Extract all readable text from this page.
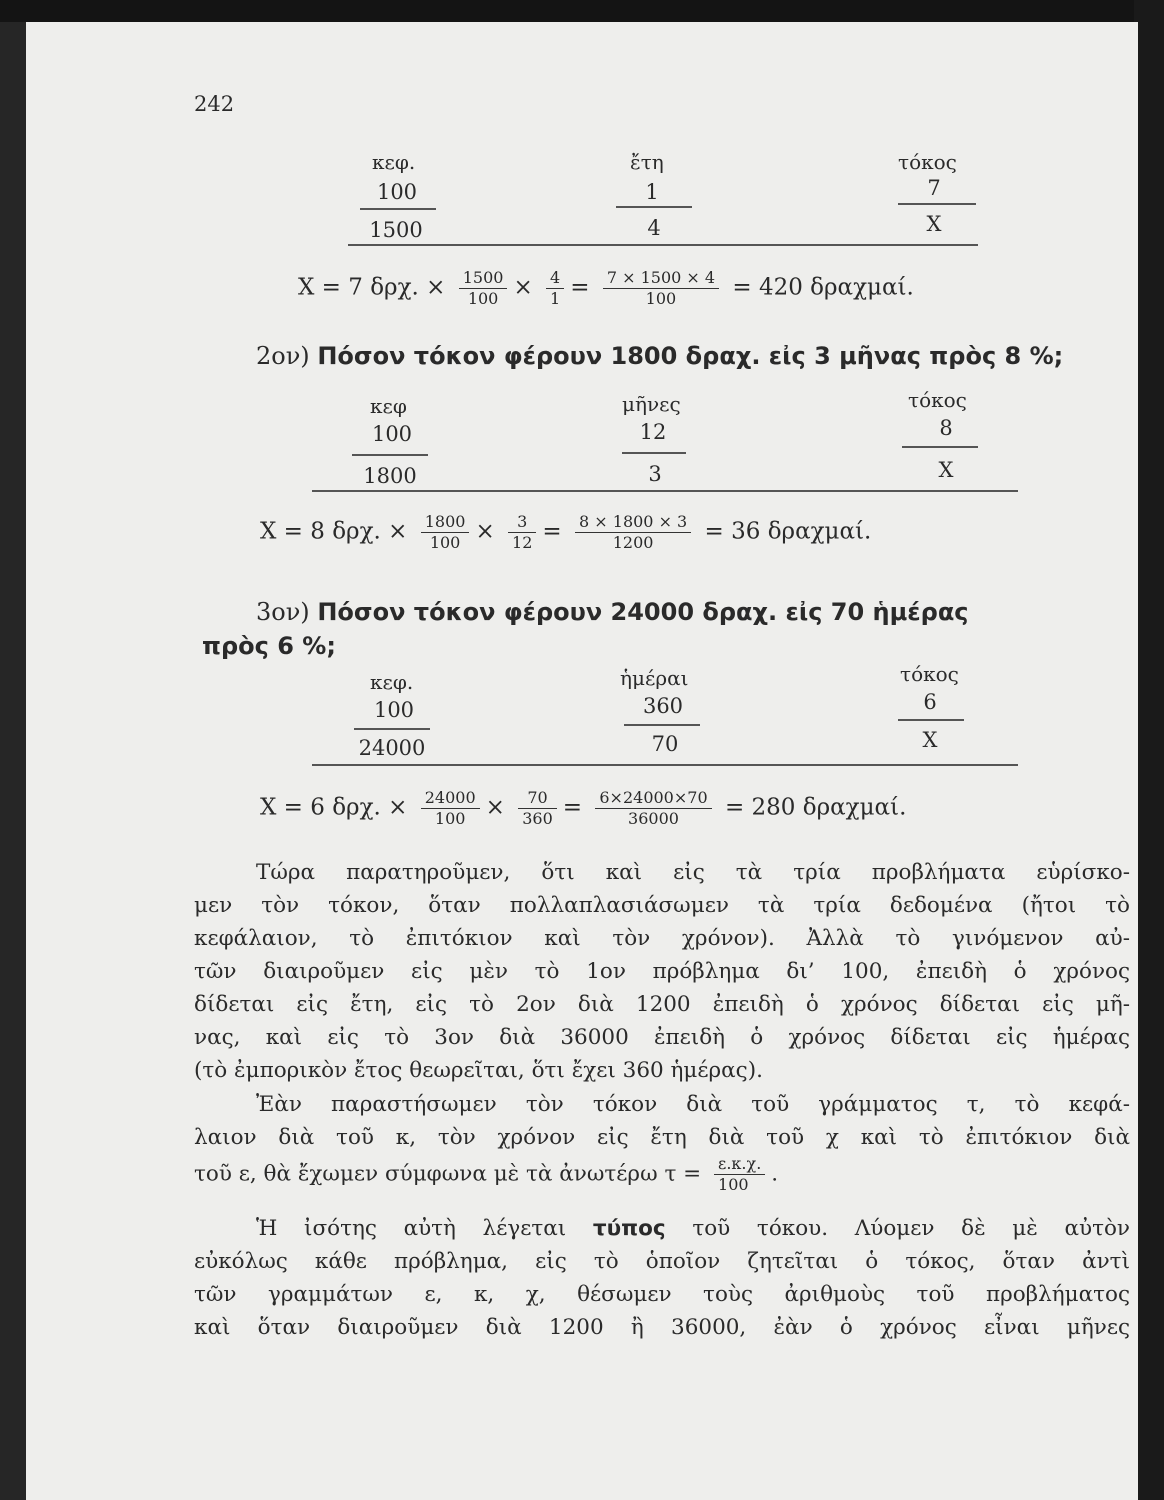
242
κεφ.	ἔτη	τόκος
100	1	7
1500	4	Χ
Χ = 7 δρχ. × $\frac{1500}{100} \times \frac{4}{1} = \frac{7 \times 1500 \times 4}{100} = 420$ δραχμαί.
2ον) Πόσον τόκον φέρουν 1800 δραχ. εἰς 3 μῆνας πρὸς 8 %;
κεφ	μῆνες	τόκος
100	12	8
1800	3	Χ
Χ = 8 δρχ. × $\frac{1800}{100} \times \frac{3}{12} = \frac{8 \times 1800 \times 3}{1200} = 36$ δραχμαί.
3ον) Πόσον τόκον φέρουν 24000 δραχ. εἰς 70 ἡμέρας
πρὸς 6 %;
κεφ.	ἡμέραι	τόκος
100	360	6
24000	70	Χ
Χ = 6 δρχ. × $\frac{24000}{100} \times \frac{70}{360} = \frac{6\times 24000\times 70}{36000} = 280$ δραχμαί.
Τώρα παρατηροῦμεν, ὅτι καὶ εἰς τὰ τρία προβλήματα εὑρίσκο-
μεν τὸν τόκον, ὅταν πολλαπλασιάσωμεν τὰ τρία δεδομένα (ἤτοι τὸ
κεφάλαιον, τὸ ἐπιτόκιον καὶ τὸν χρόνον). Ἀλλὰ τὸ γινόμενον αὐ-
τῶν διαιροῦμεν εἰς μὲν τὸ 1ον πρόβλημα δι’ 100, ἐπειδὴ ὁ χρόνος
δίδεται εἰς ἔτη, εἰς τὸ 2ον διὰ 1200 ἐπειδὴ ὁ χρόνος δίδεται εἰς μῆ-
νας, καὶ εἰς τὸ 3ον διὰ 36000 ἐπειδὴ ὁ χρόνος δίδεται εἰς ἡμέρας
(τὸ ἐμπορικὸν ἔτος θεωρεῖται, ὅτι ἔχει 360 ἡμέρας).
Ἐὰν παραστήσωμεν τὸν τόκον διὰ τοῦ γράμματος τ, τὸ κεφά-
λαιον διὰ τοῦ κ, τὸν χρόνον εἰς ἔτη διὰ τοῦ χ καὶ τὸ ἐπιτόκιον διὰ
τοῦ ε, θὰ ἔχωμεν σύμφωνα μὲ τὰ ἀνωτέρω $\tau = \frac{\varepsilon.\kappa.\chi.}{100}$ .
Ἡ ἰσότης αὐτὴ λέγεται τύπος τοῦ τόκου. Λύομεν δὲ μὲ αὐτὸν
εὐκόλως κάθε πρόβλημα, εἰς τὸ ὁποῖον ζητεῖται ὁ τόκος, ὅταν ἀντὶ
τῶν γραμμάτων ε, κ, χ, θέσωμεν τοὺς ἀριθμοὺς τοῦ προβλήματος
καὶ ὅταν διαιροῦμεν διὰ 1200 ἢ 36000, ἐὰν ὁ χρόνος εἶναι μῆνες
